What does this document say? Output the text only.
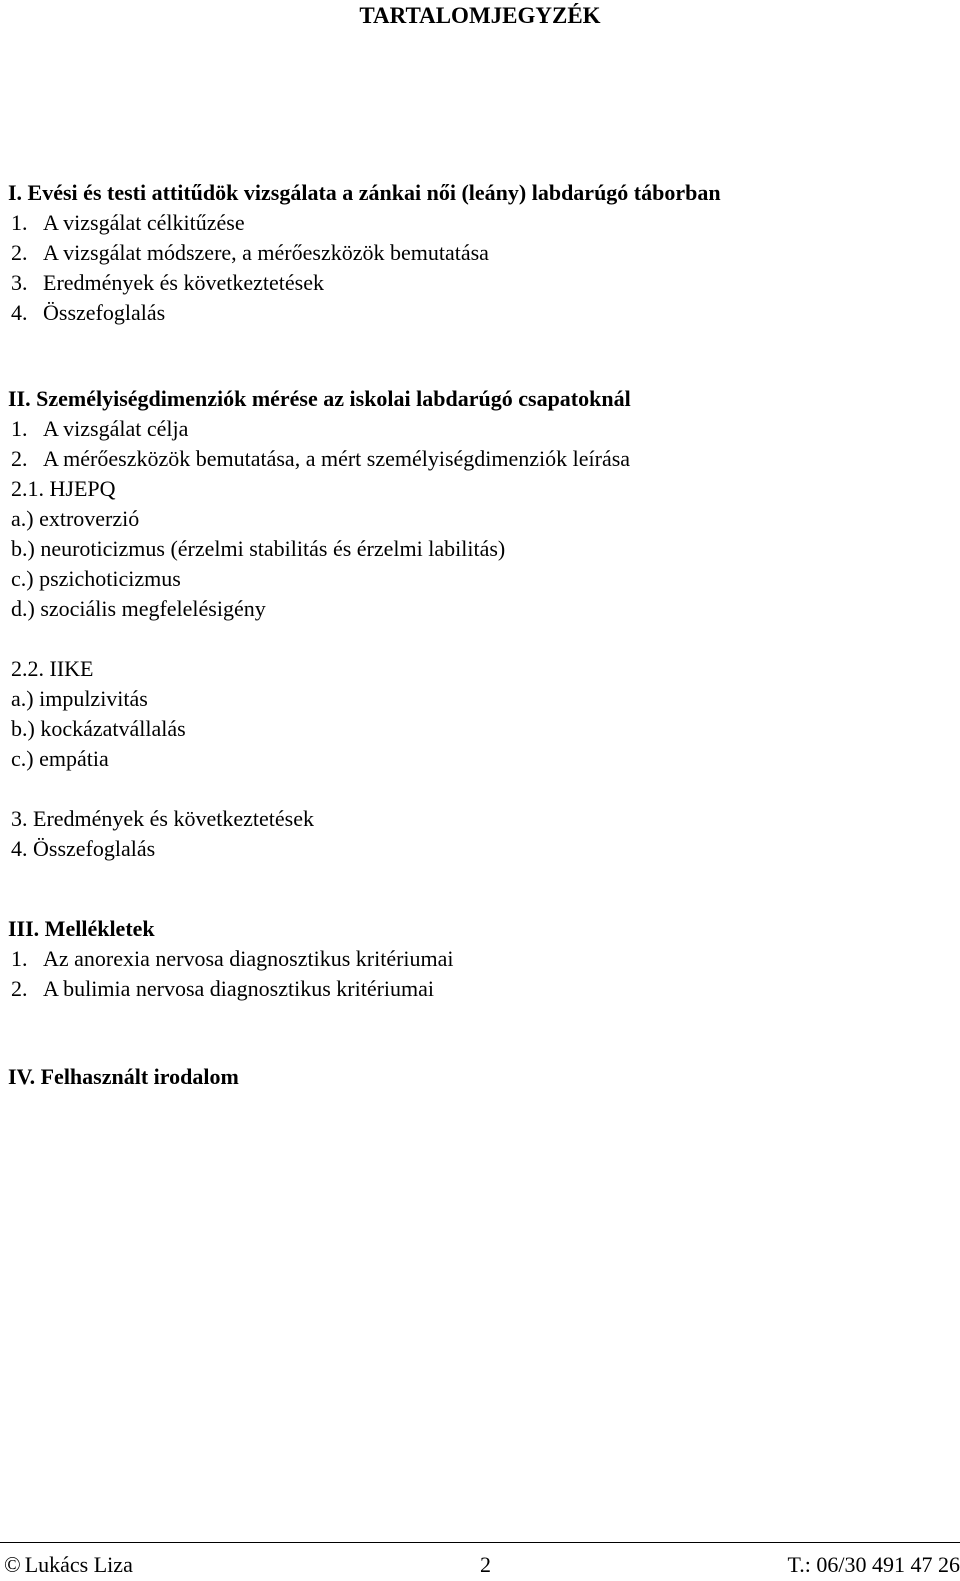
TARTALOMJEGYZÉK
I. Evési és testi attitűdök vizsgálata a zánkai női (leány) labdarúgó táborban
1. A vizsgálat célkitűzése
2. A vizsgálat módszere, a mérőeszközök bemutatása
3. Eredmények és következtetések
4. Összefoglalás
II. Személyiségdimenziók mérése az iskolai labdarúgó csapatoknál
1. A vizsgálat célja
2. A mérőeszközök bemutatása, a mért személyiségdimenziók leírása
2.1. HJEPQ
a.) extroverzió
b.) neuroticizmus (érzelmi stabilitás és érzelmi labilitás)
c.) pszichoticizmus
d.) szociális megfelelésigény
2.2. IIKE
a.) impulzivitás
b.) kockázatvállalás
c.) empátia
3. Eredmények és következtetések
4. Összefoglalás
III. Mellékletek
1. Az anorexia nervosa diagnosztikus kritériumai
2. A bulimia nervosa diagnosztikus kritériumai
IV. Felhasznált irodalom
© Lukács Liza	2	T.: 06/30 491 47 26
